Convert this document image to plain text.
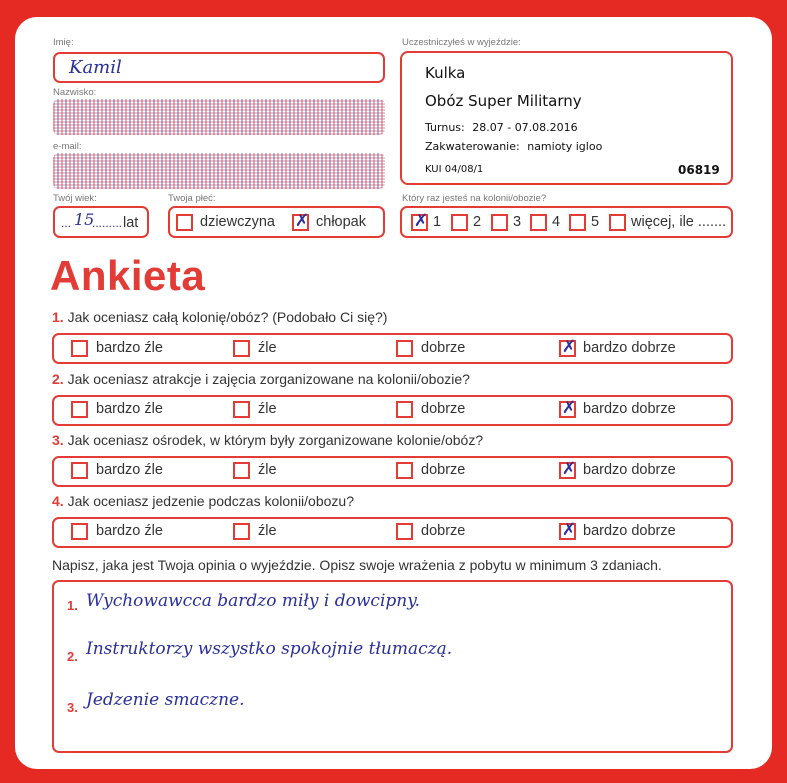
Imię:
Kamil
Nazwisko:
e-mail:
Twój wiek:
... 15
......... lat
Twoja płeć:
dziewczyna ✗ chłopak
Uczestniczyłeś w wyjeździe:
Kulka
Obóz Super Militarny
Turnus: 28.07 - 07.08.2016
Zakwaterowanie: namioty igloo
KUI 04/08/1	06819
Który raz jesteś na kolonii/obozie?
✗ 1 2 3 4 5 więcej, ile .......
Ankieta
1. Jak oceniasz całą kolonię/obóz? (Podobało Ci się?)
2. Jak oceniasz atrakcje i zajęcia zorganizowane na kolonii/obozie?
3. Jak oceniasz ośrodek, w którym były zorganizowane kolonie/obóz?
4. Jak oceniasz jedzenie podczas kolonii/obozu?
bardzo źle	źle	dobrze	✗ bardzo dobrze
bardzo źle	źle	dobrze	✗ bardzo dobrze
bardzo źle	źle	dobrze	✗ bardzo dobrze
bardzo źle	źle	dobrze	✗ bardzo dobrze
Napisz, jaka jest Twoja opinia o wyjeździe. Opisz swoje wrażenia z pobytu w minimum 3 zdaniach.
1. Wychowawcca bardzo miły i dowcipny.
2. Instruktorzy wszystko spokojnie tłumaczą.
3. Jedzenie smaczne.
